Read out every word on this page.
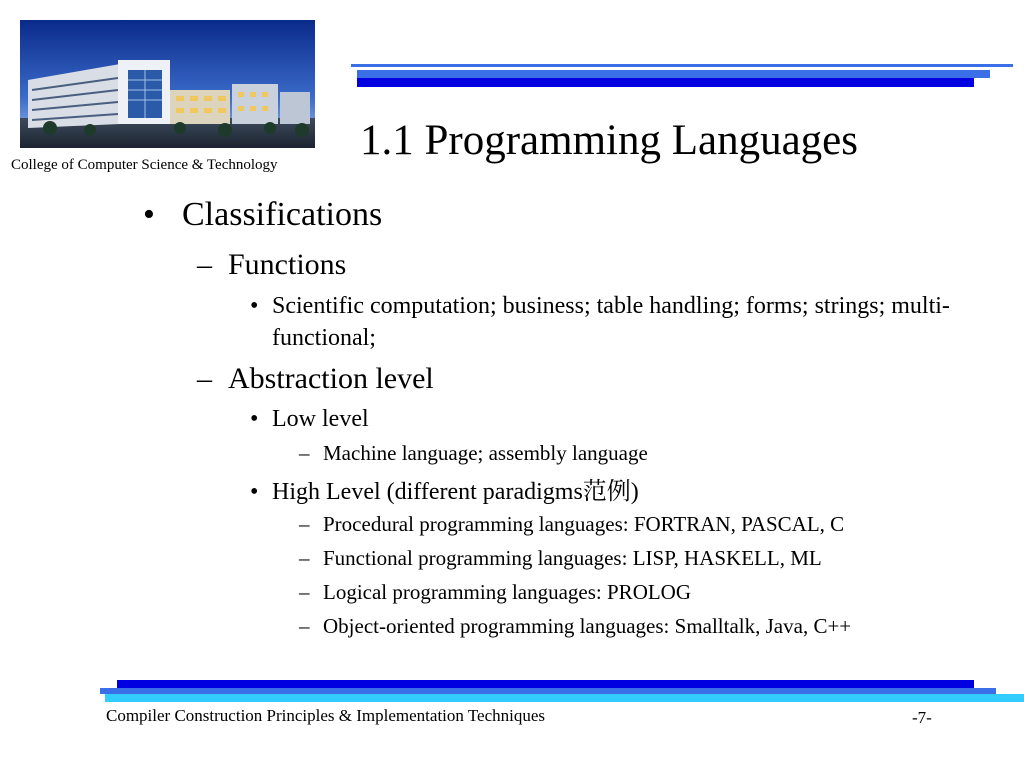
College of Computer Science & Technology
1.1 Programming Languages
• Classifications
– Functions
• Scientific computation; business; table handling; forms; strings; multi-functional;
– Abstraction level
• Low level
– Machine language; assembly language
• High Level (different paradigms范例)
– Procedural programming languages: FORTRAN, PASCAL, C
– Functional programming languages: LISP, HASKELL, ML
– Logical programming languages: PROLOG
– Object-oriented programming languages: Smalltalk, Java, C++
Compiler Construction Principles & Implementation Techniques	-7-
